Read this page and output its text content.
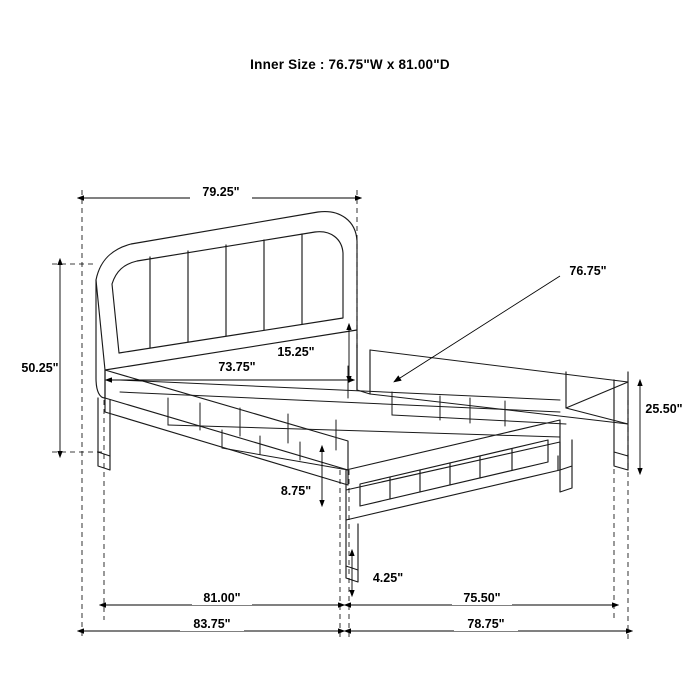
Inner Size : 76.75"W x 81.00"D
79.25"
73.75"
15.25"
50.25"
76.75"
25.50"
8.75"
4.25"
81.00"	75.50"
83.75"	78.75"
